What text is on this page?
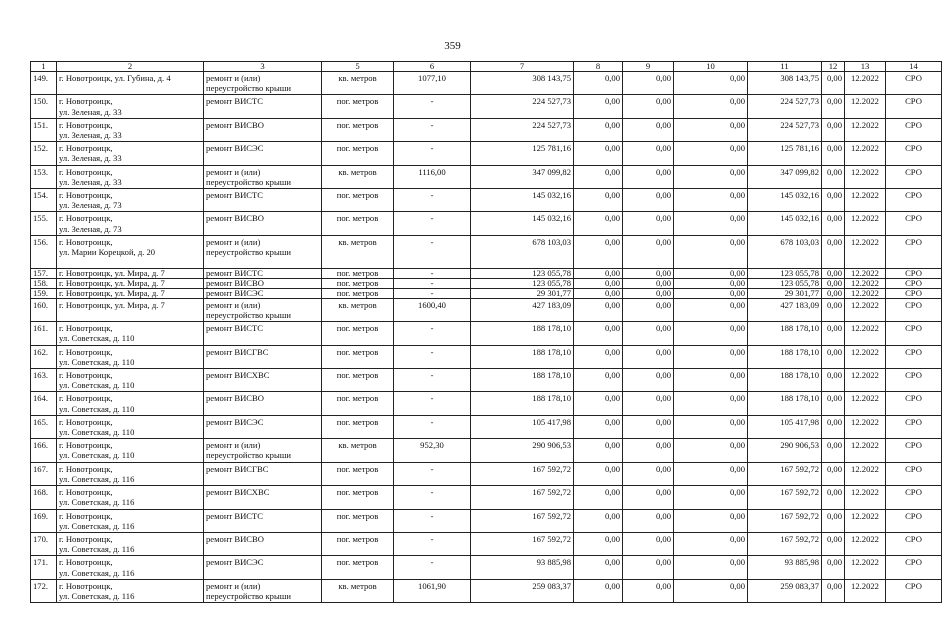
359
1	2	3	5	6	7	8	9	10	11	12	13	14
149.	г. Новотроицк, ул. Губина, д. 4	ремонт и (или)
переустройство крыши	кв. метров	1077,10	308 143,75	0,00	0,00	0,00	308 143,75	0,00	12.2022	СРО
150.	г. Новотроицк,
ул. Зеленая, д. 33	ремонт ВИСТС	пог. метров	-	224 527,73	0,00	0,00	0,00	224 527,73	0,00	12.2022	СРО
151.	г. Новотроицк,
ул. Зеленая, д. 33	ремонт ВИСВО	пог. метров	-	224 527,73	0,00	0,00	0,00	224 527,73	0,00	12.2022	СРО
152.	г. Новотроицк,
ул. Зеленая, д. 33	ремонт ВИСЭС	пог. метров	-	125 781,16	0,00	0,00	0,00	125 781,16	0,00	12.2022	СРО
153.	г. Новотроицк,
ул. Зеленая, д. 33	ремонт и (или)
переустройство крыши	кв. метров	1116,00	347 099,82	0,00	0,00	0,00	347 099,82	0,00	12.2022	СРО
154.	г. Новотроицк,
ул. Зеленая, д. 73	ремонт ВИСТС	пог. метров	-	145 032,16	0,00	0,00	0,00	145 032,16	0,00	12.2022	СРО
155.	г. Новотроицк,
ул. Зеленая, д. 73	ремонт ВИСВО	пог. метров	-	145 032,16	0,00	0,00	0,00	145 032,16	0,00	12.2022	СРО
156.	г. Новотроицк,
ул. Марии Корецкой, д. 20	ремонт и (или)
переустройство крыши	кв. метров	-	678 103,03	0,00	0,00	0,00	678 103,03	0,00	12.2022	СРО
157.	г. Новотроицк, ул. Мира, д. 7	ремонт ВИСТС	пог. метров	-	123 055,78	0,00	0,00	0,00	123 055,78	0,00	12.2022	СРО
158.	г. Новотроицк, ул. Мира, д. 7	ремонт ВИСВО	пог. метров	-	123 055,78	0,00	0,00	0,00	123 055,78	0,00	12.2022	СРО
159.	г. Новотроицк, ул. Мира, д. 7	ремонт ВИСЭС	пог. метров	-	29 301,77	0,00	0,00	0,00	29 301,77	0,00	12.2022	СРО
160.	г. Новотроицк, ул. Мира, д. 7	ремонт и (или)
переустройство крыши	кв. метров	1600,40	427 183,09	0,00	0,00	0,00	427 183,09	0,00	12.2022	СРО
161.	г. Новотроицк,
ул. Советская, д. 110	ремонт ВИСТС	пог. метров	-	188 178,10	0,00	0,00	0,00	188 178,10	0,00	12.2022	СРО
162.	г. Новотроицк,
ул. Советская, д. 110	ремонт ВИСГВС	пог. метров	-	188 178,10	0,00	0,00	0,00	188 178,10	0,00	12.2022	СРО
163.	г. Новотроицк,
ул. Советская, д. 110	ремонт ВИСХВС	пог. метров	-	188 178,10	0,00	0,00	0,00	188 178,10	0,00	12.2022	СРО
164.	г. Новотроицк,
ул. Советская, д. 110	ремонт ВИСВО	пог. метров	-	188 178,10	0,00	0,00	0,00	188 178,10	0,00	12.2022	СРО
165.	г. Новотроицк,
ул. Советская, д. 110	ремонт ВИСЭС	пог. метров	-	105 417,98	0,00	0,00	0,00	105 417,98	0,00	12.2022	СРО
166.	г. Новотроицк,
ул. Советская, д. 110	ремонт и (или)
переустройство крыши	кв. метров	952,30	290 906,53	0,00	0,00	0,00	290 906,53	0,00	12.2022	СРО
167.	г. Новотроицк,
ул. Советская, д. 116	ремонт ВИСГВС	пог. метров	-	167 592,72	0,00	0,00	0,00	167 592,72	0,00	12.2022	СРО
168.	г. Новотроицк,
ул. Советская, д. 116	ремонт ВИСХВС	пог. метров	-	167 592,72	0,00	0,00	0,00	167 592,72	0,00	12.2022	СРО
169.	г. Новотроицк,
ул. Советская, д. 116	ремонт ВИСТС	пог. метров	-	167 592,72	0,00	0,00	0,00	167 592,72	0,00	12.2022	СРО
170.	г. Новотроицк,
ул. Советская, д. 116	ремонт ВИСВО	пог. метров	-	167 592,72	0,00	0,00	0,00	167 592,72	0,00	12.2022	СРО
171.	г. Новотроицк,
ул. Советская, д. 116	ремонт ВИСЭС	пог. метров	-	93 885,98	0,00	0,00	0,00	93 885,98	0,00	12.2022	СРО
172.	г. Новотроицк,
ул. Советская, д. 116	ремонт и (или)
переустройство крыши	кв. метров	1061,90	259 083,37	0,00	0,00	0,00	259 083,37	0,00	12.2022	СРО
